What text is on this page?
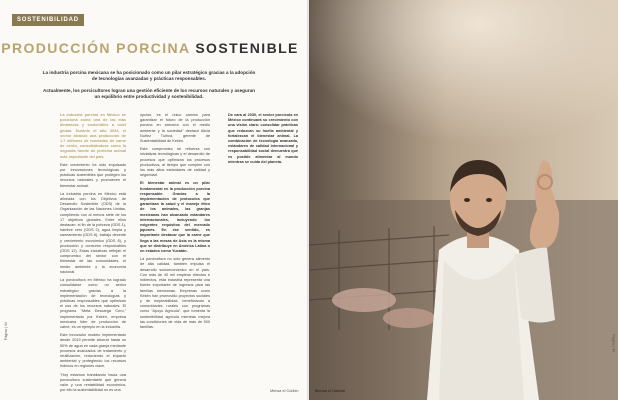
SOSTENIBILIDAD
PRODUCCIÓN PORCINA SOSTENIBLE

La industria porcina mexicana se ha posicionado como un pilar estratégico gracias a la adopción de tecnologías avanzadas y prácticas responsables.

Actualmente, los porcicultores logran una gestión eficiente de los recursos naturales y aseguran un equilibrio entre productividad y sostenibilidad.

La industria porcina en México se posiciona como una de las más dinámicas y sostenibles a nivel global. Durante el año 2024, el sector alcanzó una producción de 1.7 millones de toneladas de carne de cerdo, consolidándose como la segunda fuente de proteína animal más importante del país.

Este crecimiento ha sido impulsado por innovaciones tecnológicas y prácticas sostenibles que protegen los recursos naturales y promueven el bienestar animal.

La industria porcina en México está alineada con los Objetivos de Desarrollo Sostenible (ODS) de la Organización de las Naciones Unidas, cumpliendo con al menos siete de los 17 objetivos globales. Entre ellos destacan: el fin de la pobreza (ODS 1), hambre cero (ODS 2), agua limpia y saneamiento (ODS 6), trabajo decente y crecimiento económico (ODS 8), y producción y consumo responsables (ODS 12). Estas iniciativas reflejan el compromiso del sector con el bienestar de las comunidades, el medio ambiente y la economía nacional.

La porcicultura en México ha logrado consolidarse como un sector estratégico gracias a la implementación de tecnologías y prácticas responsables que optimizan el uso de los recursos naturales. El programa "Meta Descarga Cero," implementado por Kekén, empresa mexicana líder de producción de carne, es un ejemplo en la industria.

Este innovador modelo implementado desde 2019 permite ahorrar hasta un 50% de agua en cada granja mediante procesos avanzados de tratamiento y reutilización, reduciendo el impacto ambiental y protegiendo los recursos hídricos en regiones clave.

"Hoy estamos transitando hacia una porcicultura sustentable que genera valor y una rentabilidad económica, por ello la sustentabilidad no es una

opción, es el único camino para garantizar el futuro de la producción porcina en armonía con el medio ambiente y la sociedad" destacó Alicia Nuñez Tuirica, gerente de Sustentabilidad de Kekén.

Este compromiso se refuerza con iniciativas tecnológicas y el desarrollo de procesos que optimizan los procesos productivos, al tiempo que cumplen con los más altos estándares de calidad y seguridad.

El bienestar animal es un pilar fundamental en la producción porcina responsable. Gracias a la implementación de protocolos que garantizan la salud y el manejo ético de los animales, las granjas mexicanas han alcanzado estándares internacionales, incluyendo los exigentes requisitos del mercado japonés. En ese sentido, es importante destacar que la carne que llega a las mesas de Asia es la misma que se distribuye en América Latina o en estados como Yucatán.

La porcicultura no solo genera alimento de alta calidad, también impulsa el desarrollo socioeconómico en el país. Con más de 40 mil empleos directos e indirectos, esta industria representa una fuente importante de ingresos para las familias mexicanas. Empresas como Kekén han promovido proyectos sociales y de empleabilidad, beneficiando a comunidades rurales con programas como "Apoyo Agrícola", que fomenta la sostenibilidad agrícola mientras mejora las condiciones de vida de más de 500 familias.

De cara al 2030, el sector porcícola en México continuará su crecimiento con una visión clara: consolidar prácticas que reduzcan su huella ambiental y fortalezcan el bienestar animal. La combinación de tecnología avanzada, estándares de calidad internacional y responsabilidad social demuestra que es posible alimentar al mundo mientras se cuida del planeta.

Página | 44
Mensa el Cubbin	Mensa el Cubbin
Página | 45
